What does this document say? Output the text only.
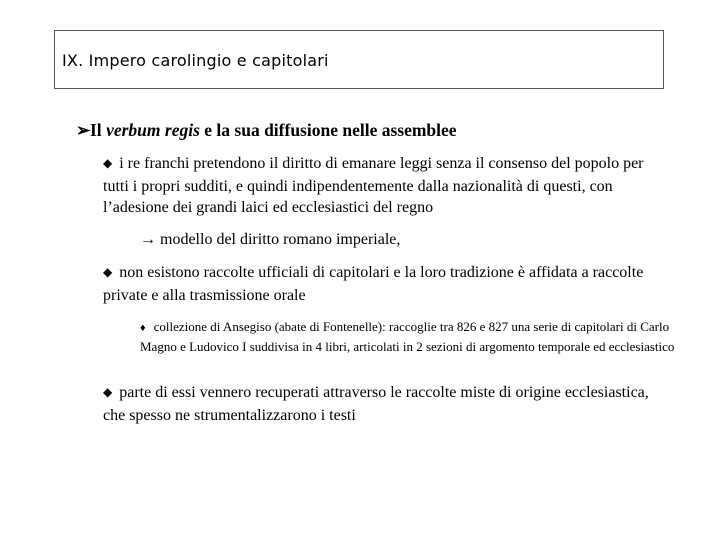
IX. Impero carolingio e capitolari
➢Il verbum regis e la sua diffusione nelle assemblee
◆ i re franchi pretendono il diritto di emanare leggi senza il consenso del popolo per tutti i propri sudditi, e quindi indipendentemente dalla nazionalità di questi, con l’adesione dei grandi laici ed ecclesiastici del regno
→ modello del diritto romano imperiale,
◆ non esistono raccolte ufficiali di capitolari e la loro tradizione è affidata a raccolte private e alla trasmissione orale
♦ collezione di Ansegiso (abate di Fontenelle): raccoglie tra 826 e 827 una serie di capitolari di Carlo Magno e Ludovico I suddivisa in 4 libri, articolati in 2 sezioni di argomento temporale ed ecclesiastico
◆ parte di essi vennero recuperati attraverso le raccolte miste di origine ecclesiastica, che spesso ne strumentalizzarono i testi
